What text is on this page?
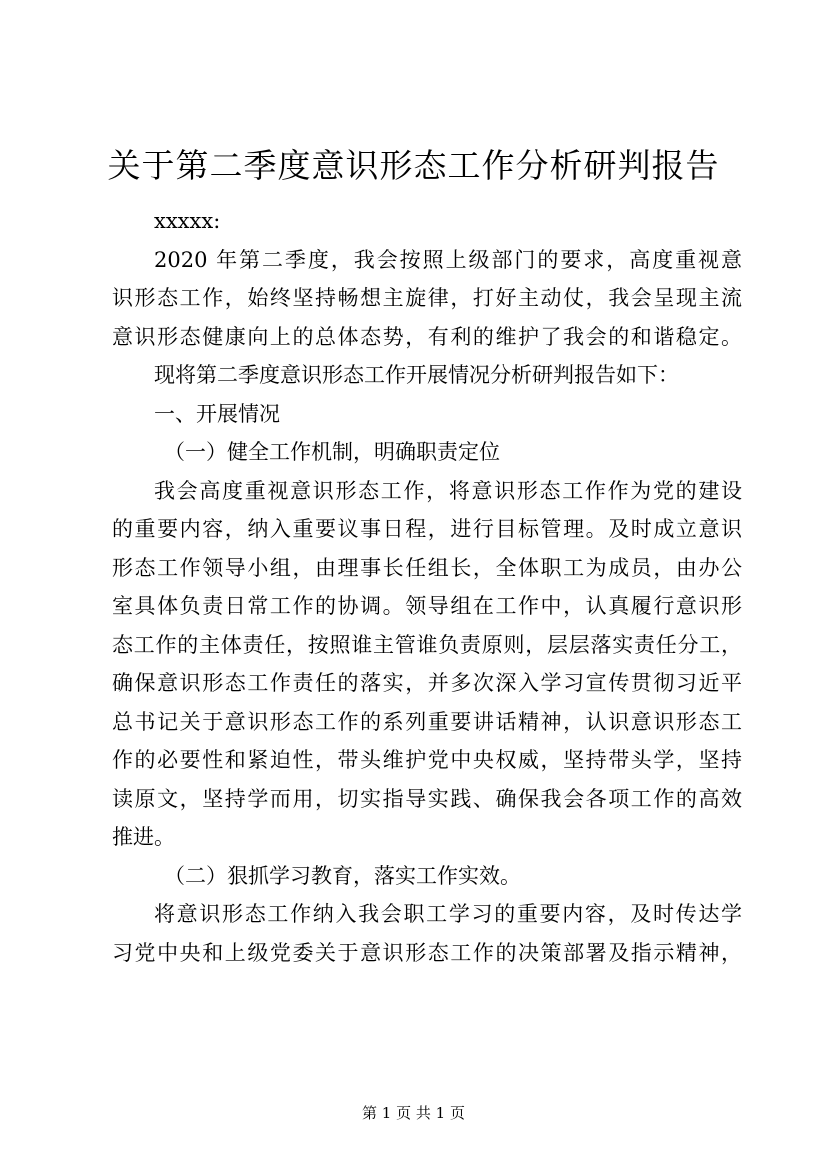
关于第二季度意识形态工作分析研判报告
xxxxx:
2020 年第二季度，我会按照上级部门的要求，高度重视意
识形态工作，始终坚持畅想主旋律，打好主动仗，我会呈现主流
意识形态健康向上的总体态势，有利的维护了我会的和谐稳定。
现将第二季度意识形态工作开展情况分析研判报告如下：
一、开展情况
（一）健全工作机制，明确职责定位
我会高度重视意识形态工作，将意识形态工作作为党的建设
的重要内容，纳入重要议事日程，进行目标管理。及时成立意识
形态工作领导小组，由理事长任组长，全体职工为成员，由办公
室具体负责日常工作的协调。领导组在工作中，认真履行意识形
态工作的主体责任，按照谁主管谁负责原则，层层落实责任分工，
确保意识形态工作责任的落实，并多次深入学习宣传贯彻习近平
总书记关于意识形态工作的系列重要讲话精神，认识意识形态工
作的必要性和紧迫性，带头维护党中央权威，坚持带头学，坚持
读原文，坚持学而用，切实指导实践、确保我会各项工作的高效
推进。
（二）狠抓学习教育，落实工作实效。
将意识形态工作纳入我会职工学习的重要内容，及时传达学
习党中央和上级党委关于意识形态工作的决策部署及指示精神，
第 1 页 共 1 页
